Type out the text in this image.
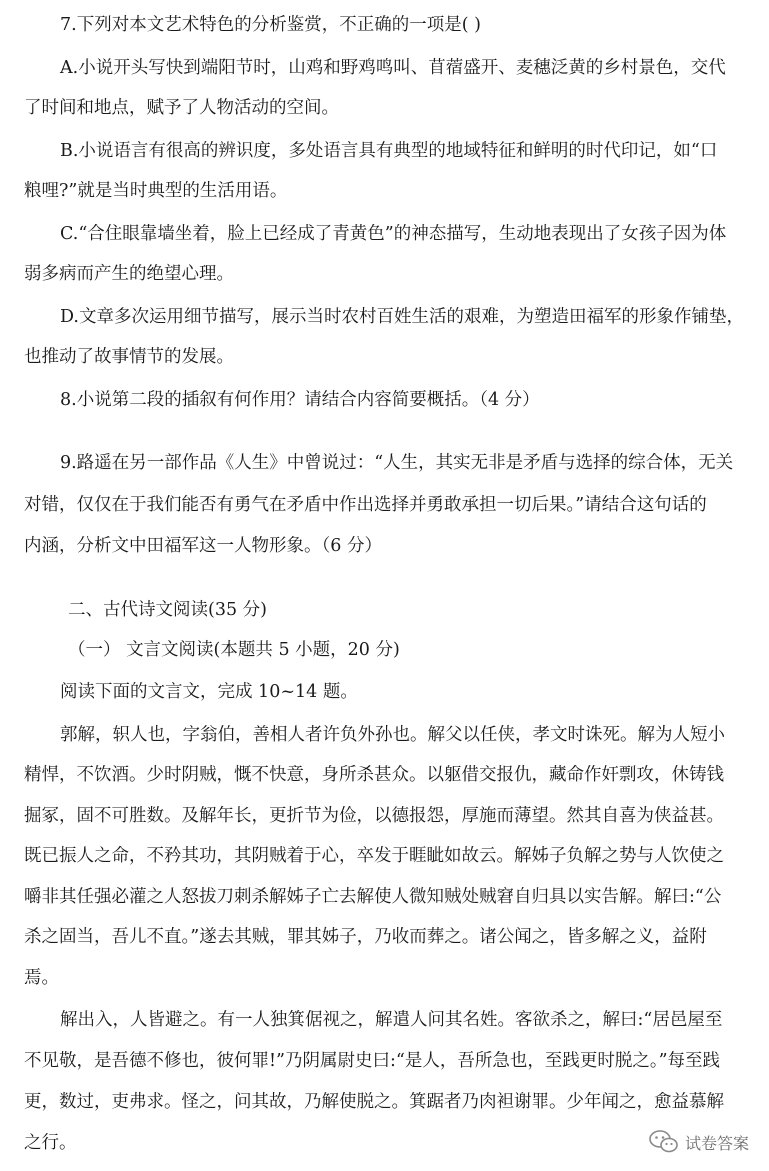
7.下列对本文艺术特色的分析鉴赏，不正确的一项是( )
A.小说开头写快到端阳节时，山鸡和野鸡鸣叫、苜蓿盛开、麦穗泛黄的乡村景色，交代
了时间和地点，赋予了人物活动的空间。
B.小说语言有很高的辨识度，多处语言具有典型的地域特征和鲜明的时代印记，如“口
粮哩?”就是当时典型的生活用语。
C.“合住眼靠墙坐着，脸上已经成了青黄色”的神态描写，生动地表现出了女孩子因为体
弱多病而产生的绝望心理。
D.文章多次运用细节描写，展示当时农村百姓生活的艰难，为塑造田福军的形象作铺垫，
也推动了故事情节的发展。
8.小说第二段的插叙有何作用？请结合内容简要概括。（4 分）
9.路遥在另一部作品《人生》中曾说过：“人生，其实无非是矛盾与选择的综合体，无关
对错，仅仅在于我们能否有勇气在矛盾中作出选择并勇敢承担一切后果。”请结合这句话的
内涵，分析文中田福军这一人物形象。（6 分）
二、古代诗文阅读(35 分)
（一） 文言文阅读(本题共 5 小题，20 分)
阅读下面的文言文，完成 10~14 题。
郭解，轵人也，字翁伯，善相人者许负外孙也。解父以任侠，孝文时诛死。解为人短小
精悍，不饮酒。少时阴贼，慨不快意，身所杀甚众。以躯借交报仇，藏命作奸剽攻，休铸钱
掘冢，固不可胜数。及解年长，更折节为俭，以德报怨，厚施而薄望。然其自喜为侠益甚。
既已振人之命，不矜其功，其阴贼着于心，卒发于睚眦如故云。解姊子负解之势与人饮使之
嚼非其任强必灌之人怒拔刀刺杀解姊子亡去解使人微知贼处贼窘自归具以实告解。解曰:“公
杀之固当，吾儿不直。”遂去其贼，罪其姊子，乃收而葬之。诸公闻之，皆多解之义，益附
焉。
解出入，人皆避之。有一人独箕倨视之，解遣人问其名姓。客欲杀之，解曰:“居邑屋至
不见敬，是吾德不修也，彼何罪!”乃阴属尉史曰:“是人，吾所急也，至践更时脱之。”每至践
更，数过，吏弗求。怪之，问其故，乃解使脱之。箕踞者乃肉袒谢罪。少年闻之，愈益慕解
之行。	试卷答案
